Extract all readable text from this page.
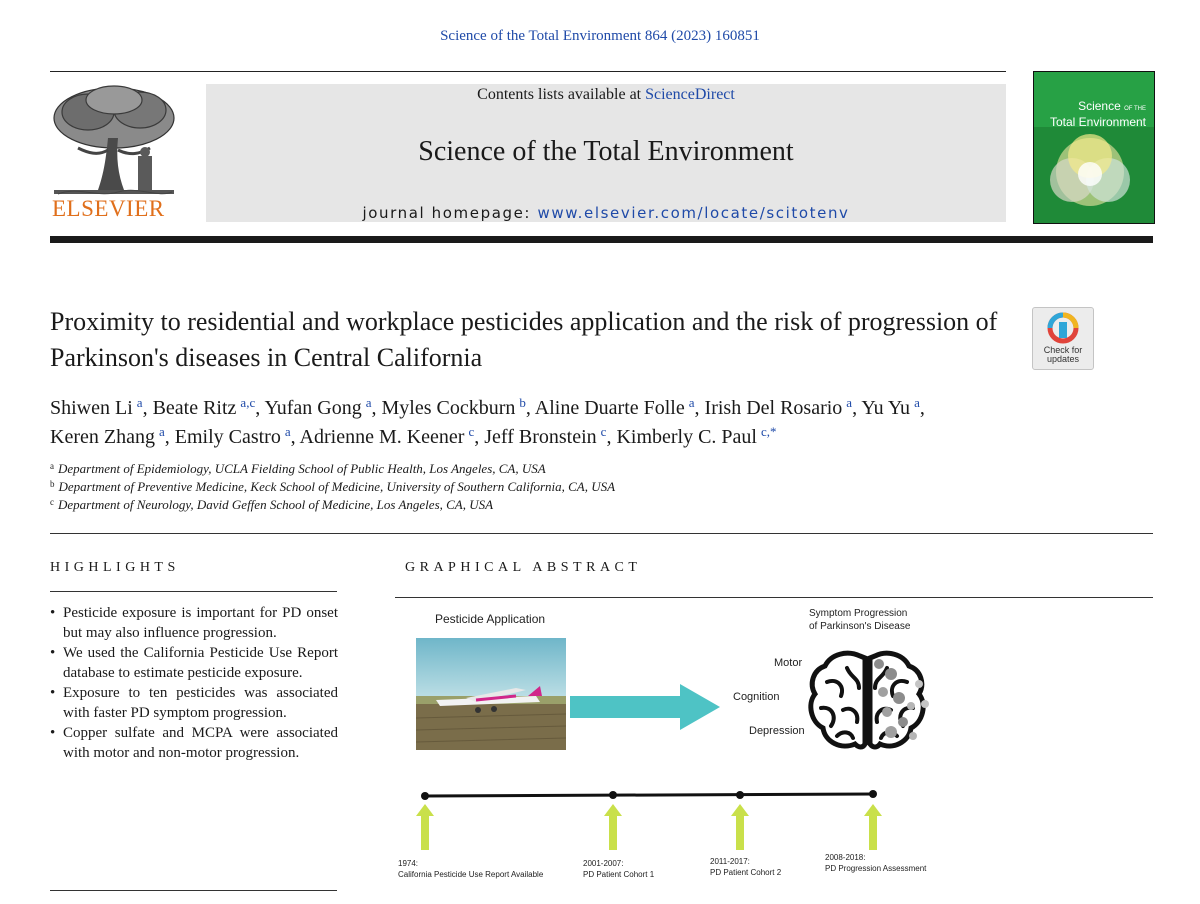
Science of the Total Environment 864 (2023) 160851
ELSEVIER
Contents lists available at ScienceDirect
Science of the Total Environment
journal homepage: www.elsevier.com/locate/scitotenv
Science OF THE
Total Environment
Proximity to residential and workplace pesticides application and the risk of progression of Parkinson's diseases in Central California	Check for
updates
Shiwen Li $^a$, Beate Ritz $^{a,c}$, Yufan Gong $^a$, Myles Cockburn $^b$, Aline Duarte Folle $^a$, Irish Del Rosario $^a$, Yu Yu $^a$,
Keren Zhang $^a$, Emily Castro $^a$, Adrienne M. Keener $^c$, Jeff Bronstein $^c$, Kimberly C. Paul $^{c,*}$
$^a$ Department of Epidemiology, UCLA Fielding School of Public Health, Los Angeles, CA, USA
$^b$ Department of Preventive Medicine, Keck School of Medicine, University of Southern California, CA, USA
$^c$ Department of Neurology, David Geffen School of Medicine, Los Angeles, CA, USA
HIGHLIGHTS	GRAPHICAL ABSTRACT
• Pesticide exposure is important for PD onset but may also influence progression.
• We used the California Pesticide Use Report database to estimate pesticide exposure.
• Exposure to ten pesticides was associated with faster PD symptom progression.
• Copper sulfate and MCPA were associated with motor and non-motor progression.
Pesticide Application	Symptom Progression
of Parkinson's Disease
Motor
Cognition
Depression
1974:
California Pesticide Use Report Available
2001-2007:
PD Patient Cohort 1
2011-2017:
PD Patient Cohort 2
2008-2018:
PD Progression Assessment
